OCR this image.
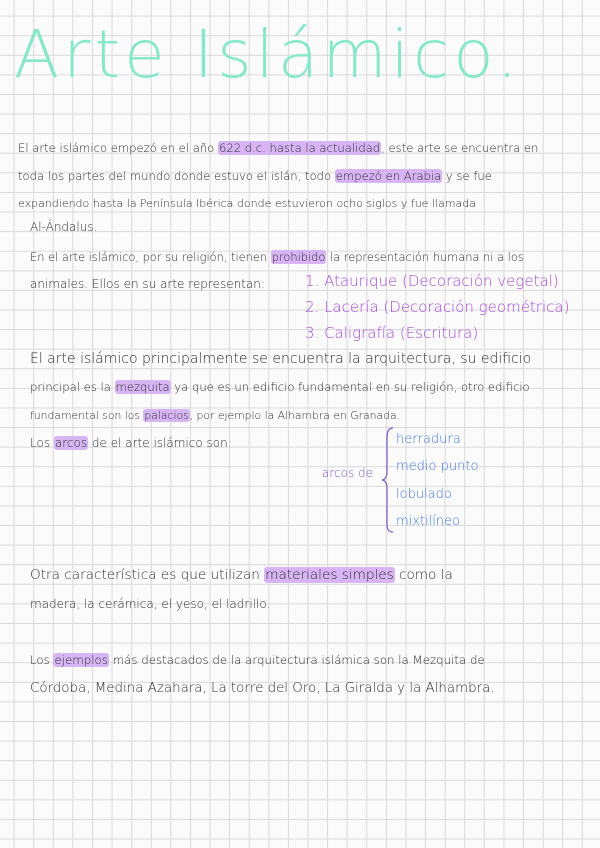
Arte Islámico.

El arte islámico empezó en el año 622 d.c. hasta la actualidad, este arte se encuentra en

toda los partes del mundo donde estuvo el islán, todo empezó en Arabia y se fue

expandiendo hasta la Península Ibérica donde estuvieron ocho siglos y fue llamada

Al-Ándalus.

En el arte islámico, por su religión, tienen prohibido la representación humana ni a los

animales. Ellos en su arte representan:	1. Ataurique (Decoración vegetal)

2. Lacería (Decoración geométrica)

3. Caligrafía (Escritura)

El arte islámico principalmente se encuentra la arquitectura, su edificio

principal es la mezquita ya que es un edificio fundamental en su religión, otro edificio

fundamental son los palacios, por ejemplo la Alhambra en Granada.

Los arcos de el arte islámico son:

arcos de

herradura

medio punto

lobulado

mixtilíneo

Otra característica es que utilizan materiales simples como la

madera, la cerámica, el yeso, el ladrillo.

Los ejemplos más destacados de la arquitectura islámica son la Mezquita de

Córdoba, Medina Azahara, La torre del Oro, La Giralda y la Alhambra.
